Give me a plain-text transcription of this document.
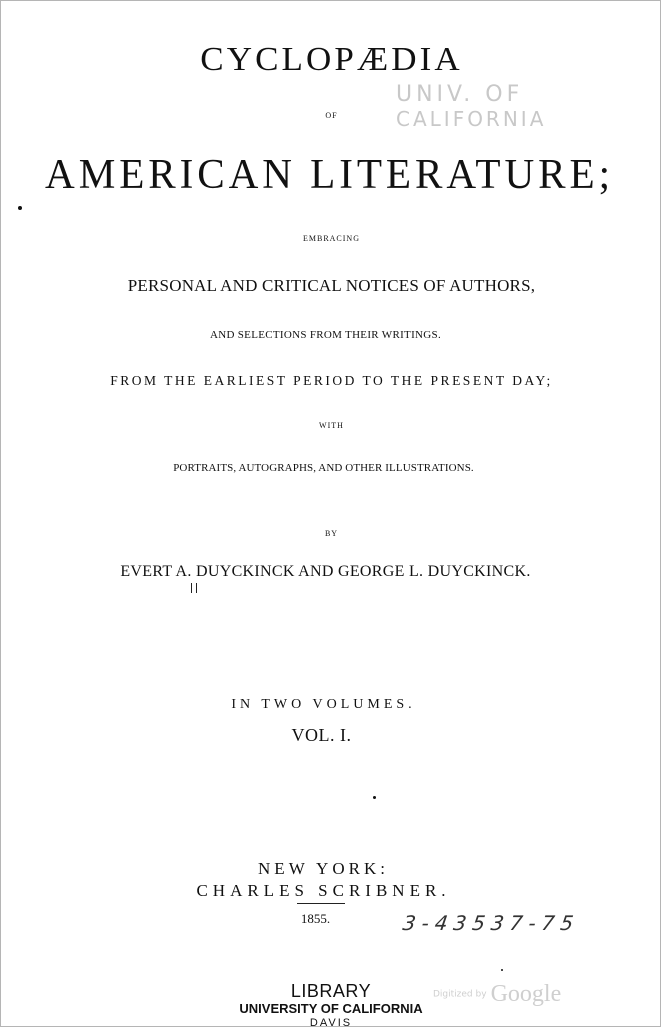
CYCLOPÆDIA
OF
AMERICAN LITERATURE;
EMBRACING
PERSONAL AND CRITICAL NOTICES OF AUTHORS,
AND SELECTIONS FROM THEIR WRITINGS.
FROM THE EARLIEST PERIOD TO THE PRESENT DAY;
WITH
PORTRAITS, AUTOGRAPHS, AND OTHER ILLUSTRATIONS.
BY
EVERT A. DUYCKINCK AND GEORGE L. DUYCKINCK.
IN TWO VOLUMES.
VOL. I.
NEW YORK:
CHARLES SCRIBNER.
1855.
UNIV. OF
CALIFORNIA
3-43537-75
LIBRARY
UNIVERSITY OF CALIFORNIA
DAVIS
Digitized by Google
